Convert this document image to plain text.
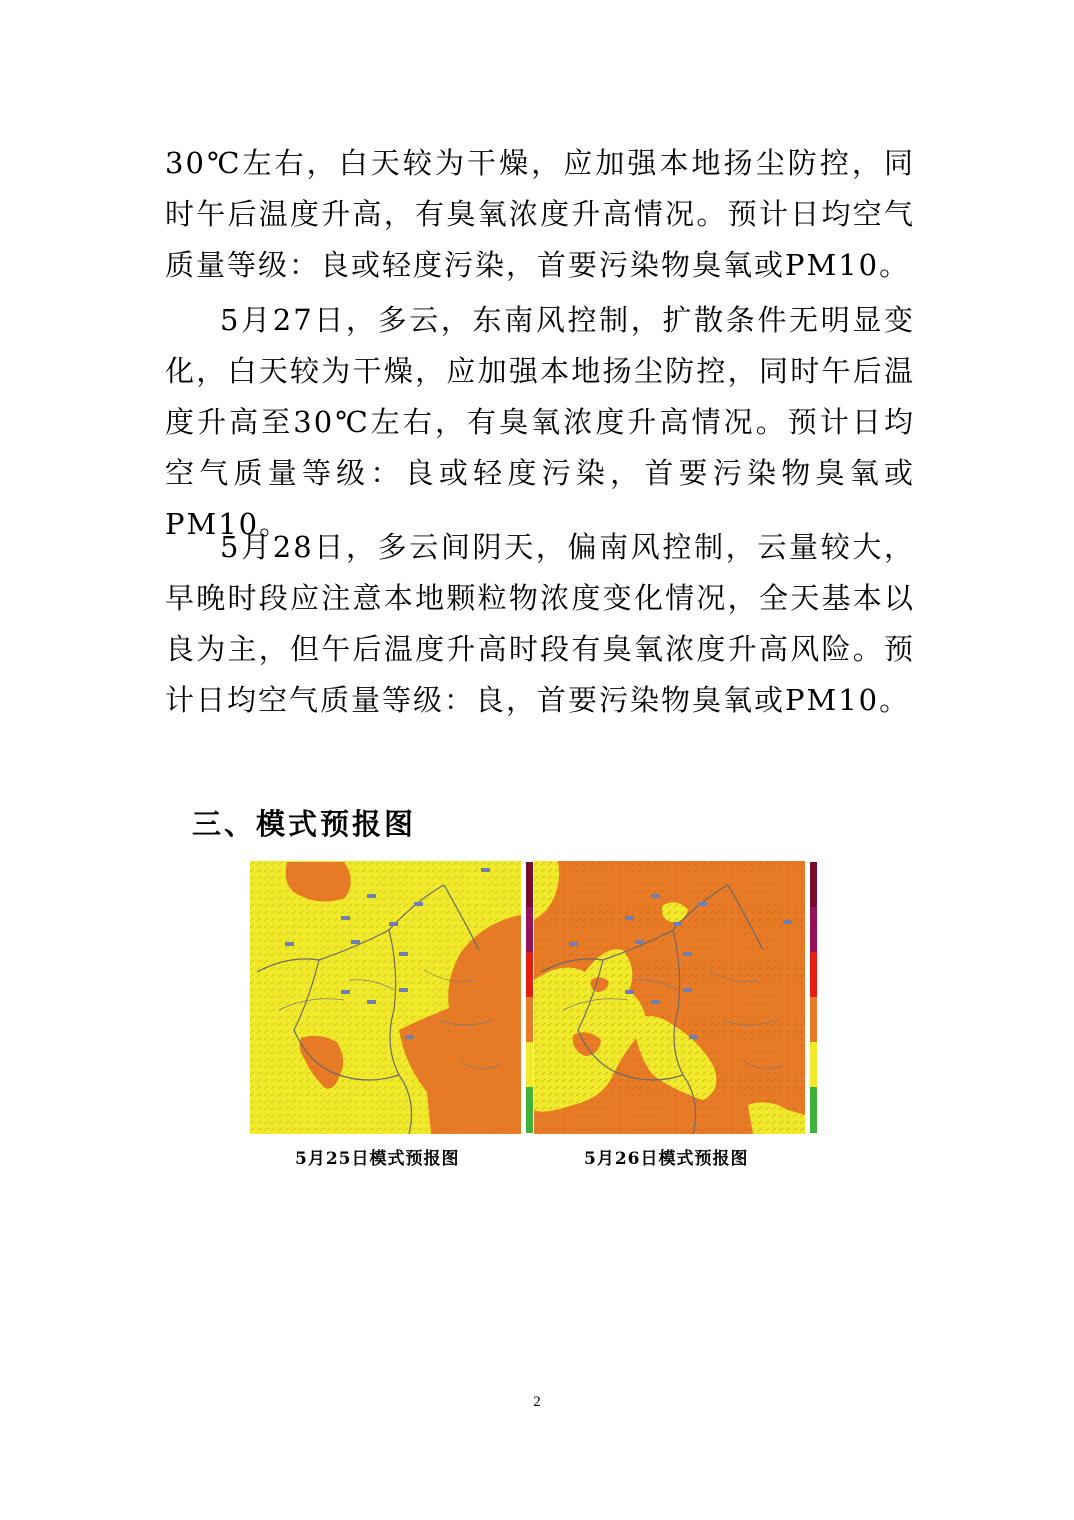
30℃左右，白天较为干燥，应加强本地扬尘防控，同时午后温度升高，有臭氧浓度升高情况。预计日均空气质量等级：良或轻度污染，首要污染物臭氧或PM10。

5月27日，多云，东南风控制，扩散条件无明显变化，白天较为干燥，应加强本地扬尘防控，同时午后温度升高至30℃左右，有臭氧浓度升高情况。预计日均空气质量等级：良或轻度污染，首要污染物臭氧或PM10。

5月28日，多云间阴天，偏南风控制，云量较大，早晚时段应注意本地颗粒物浓度变化情况，全天基本以良为主，但午后温度升高时段有臭氧浓度升高风险。预计日均空气质量等级：良，首要污染物臭氧或PM10。

三、模式预报图

5月25日模式预报图	5月26日模式预报图

2
